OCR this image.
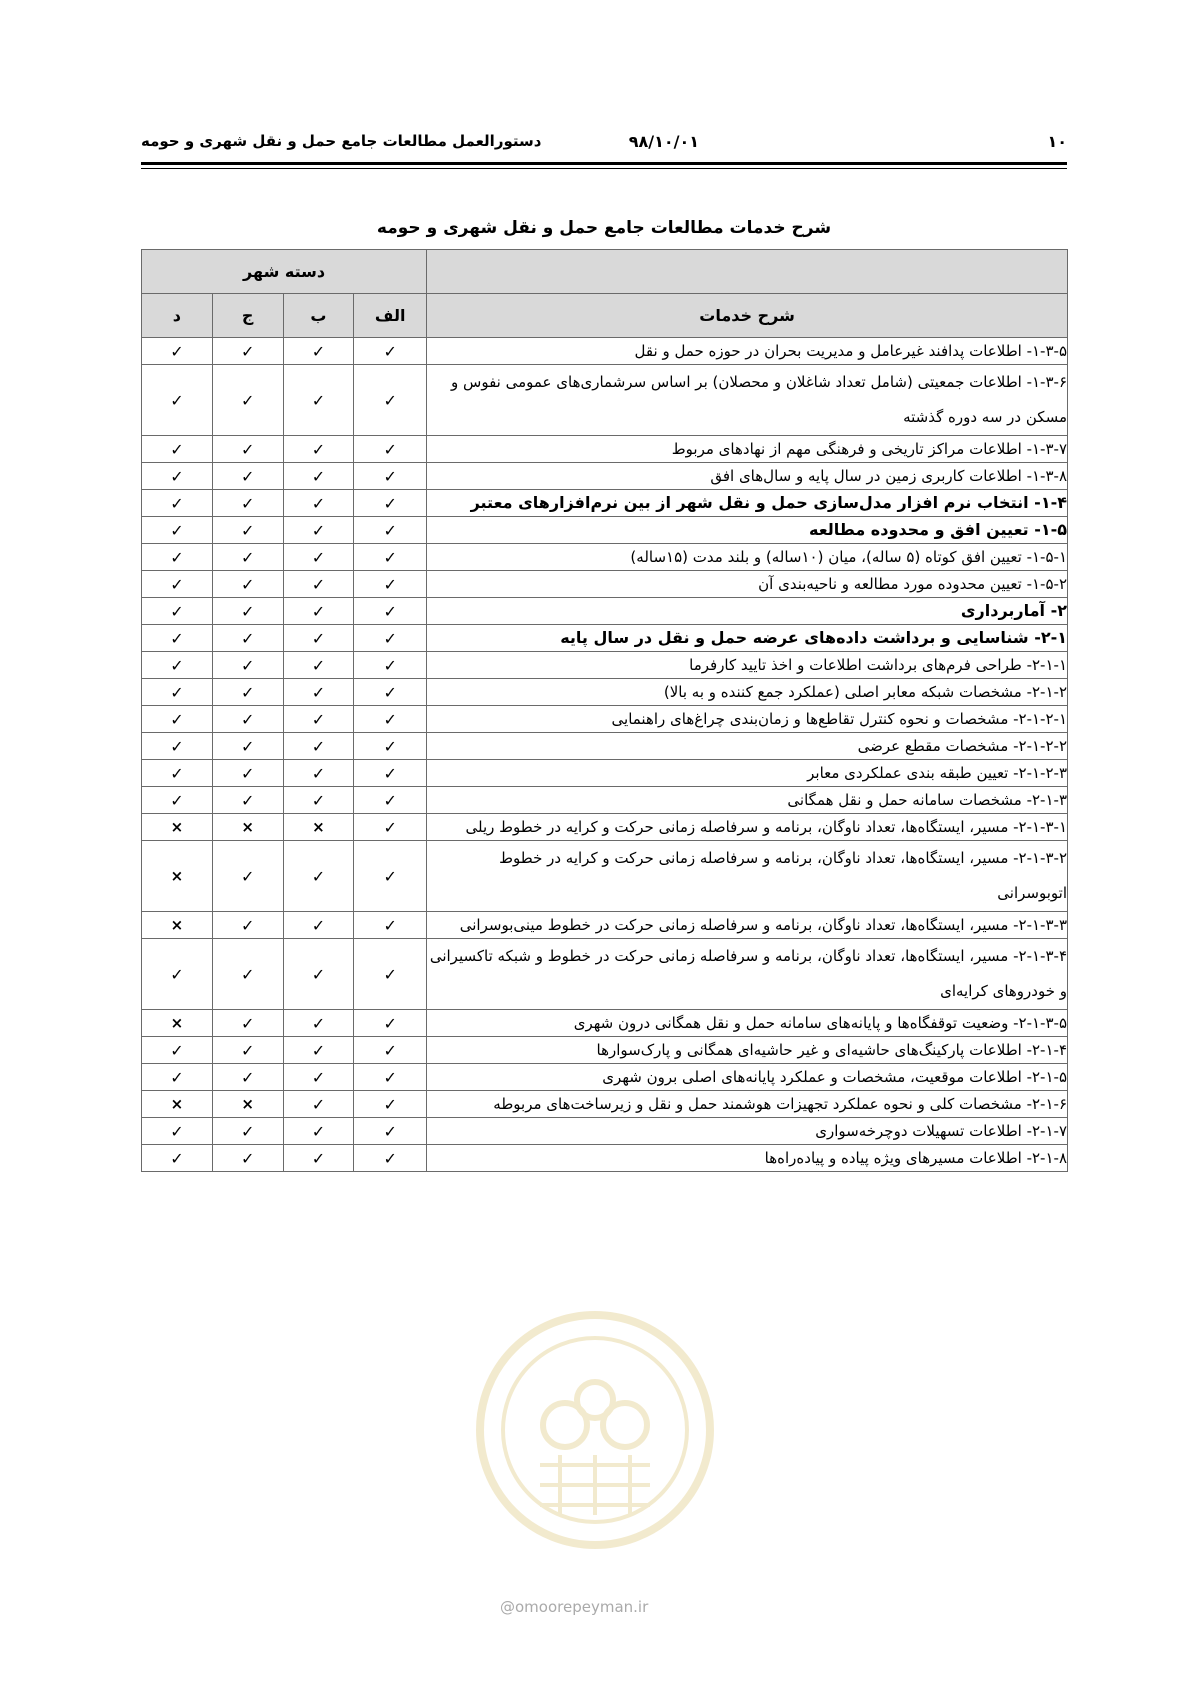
۱۰
۹۸/۱۰/۰۱
دستورالعمل مطالعات جامع حمل و نقل شهری و حومه
شرح خدمات مطالعات جامع حمل و نقل شهری و حومه
	دسته شهر			
شرح خدمات	الف	ب	ج	د
۱-۳-۵- اطلاعات پدافند غیرعامل و مدیریت بحران در حوزه حمل و نقل	✓	✓	✓	✓
۱-۳-۶- اطلاعات جمعیتی (شامل تعداد شاغلان و محصلان) بر اساس سرشماری‌های عمومی نفوس و مسکن در سه دوره گذشته	✓	✓	✓	✓
۱-۳-۷- اطلاعات مراکز تاریخی و فرهنگی مهم از نهادهای مربوط	✓	✓	✓	✓
۱-۳-۸- اطلاعات کاربری زمین در سال پایه و سال‌های افق	✓	✓	✓	✓
۱-۴- انتخاب نرم افزار مدل‌سازی حمل و نقل شهر از بین نرم‌افزارهای معتبر	✓	✓	✓	✓
۱-۵- تعیین افق و محدوده مطالعه	✓	✓	✓	✓
۱-۵-۱- تعیین افق کوتاه (۵ ساله)، میان (۱۰ساله) و بلند مدت (۱۵ساله)	✓	✓	✓	✓
۱-۵-۲- تعیین محدوده مورد مطالعه و ناحیه‌بندی آن	✓	✓	✓	✓
۲- آماربرداری	✓	✓	✓	✓
۲-۱- شناسایی و برداشت داده‌های عرضه حمل و نقل در سال پایه	✓	✓	✓	✓
۲-۱-۱- طراحی فرم‌های برداشت اطلاعات و اخذ تایید کارفرما	✓	✓	✓	✓
۲-۱-۲- مشخصات شبکه معابر اصلی (عملکرد جمع کننده و به بالا)	✓	✓	✓	✓
۲-۱-۲-۱- مشخصات و نحوه کنترل تقاطع‌ها و زمان‌بندی چراغ‌های راهنمایی	✓	✓	✓	✓
۲-۱-۲-۲- مشخصات مقطع عرضی	✓	✓	✓	✓
۲-۱-۲-۳- تعیین طبقه بندی عملکردی معابر	✓	✓	✓	✓
۲-۱-۳- مشخصات سامانه حمل و نقل همگانی	✓	✓	✓	✓
۲-۱-۳-۱- مسیر، ایستگاه‌ها، تعداد ناوگان، برنامه و سرفاصله زمانی حرکت و کرایه در خطوط ریلی	✓	×	×	×
۲-۱-۳-۲- مسیر، ایستگاه‌ها، تعداد ناوگان، برنامه و سرفاصله زمانی حرکت و کرایه در خطوط اتوبوسرانی	✓	✓	✓	×
۲-۱-۳-۳- مسیر، ایستگاه‌ها، تعداد ناوگان، برنامه و سرفاصله زمانی حرکت در خطوط مینی‌بوسرانی	✓	✓	✓	×
۲-۱-۳-۴- مسیر، ایستگاه‌ها، تعداد ناوگان، برنامه و سرفاصله زمانی حرکت در خطوط و شبکه تاکسیرانی و خودروهای کرایه‌ای	✓	✓	✓	✓
۲-۱-۳-۵- وضعیت توقفگاه‌ها و پایانه‌های سامانه حمل و نقل همگانی درون شهری	✓	✓	✓	×
۲-۱-۴- اطلاعات پارکینگ‌های حاشیه‌ای و غیر حاشیه‌ای همگانی و پارک‌سوارها	✓	✓	✓	✓
۲-۱-۵- اطلاعات موقعیت، مشخصات و عملکرد پایانه‌های اصلی برون شهری	✓	✓	✓	✓
۲-۱-۶- مشخصات کلی و نحوه عملکرد تجهیزات هوشمند حمل و نقل و زیرساخت‌های مربوطه	✓	✓	×	×
۲-۱-۷- اطلاعات تسهیلات دوچرخه‌سواری	✓	✓	✓	✓
۲-۱-۸- اطلاعات مسیرهای ویژه پیاده و پیاده‌راه‌ها	✓	✓	✓	✓
@omoorepeyman.ir
